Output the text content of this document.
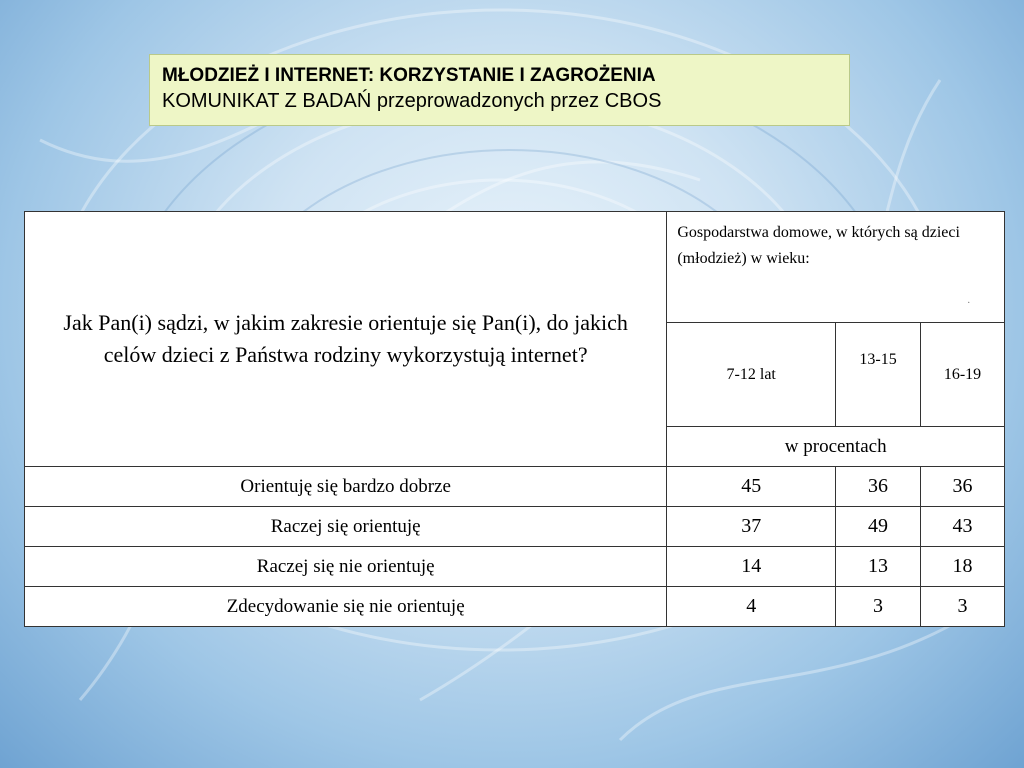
MŁODZIEŻ I INTERNET: KORZYSTANIE I ZAGROŻENIA
KOMUNIKAT Z BADAŃ przeprowadzonych przez CBOS
Jak Pan(i) sądzi, w jakim zakresie orientuje się Pan(i), do jakich celów dzieci z Państwa rodziny wykorzystują internet?	Gospodarstwa domowe, w których są dzieci (młodzież) w wieku:
.		

	7-12 lat	13-15	16-19
	w procentach		
Orientuję się bardzo dobrze	45	36	36
Raczej się orientuję	37	49	43
Raczej się nie orientuję	14	13	18
Zdecydowanie się nie orientuję	4	3	3
